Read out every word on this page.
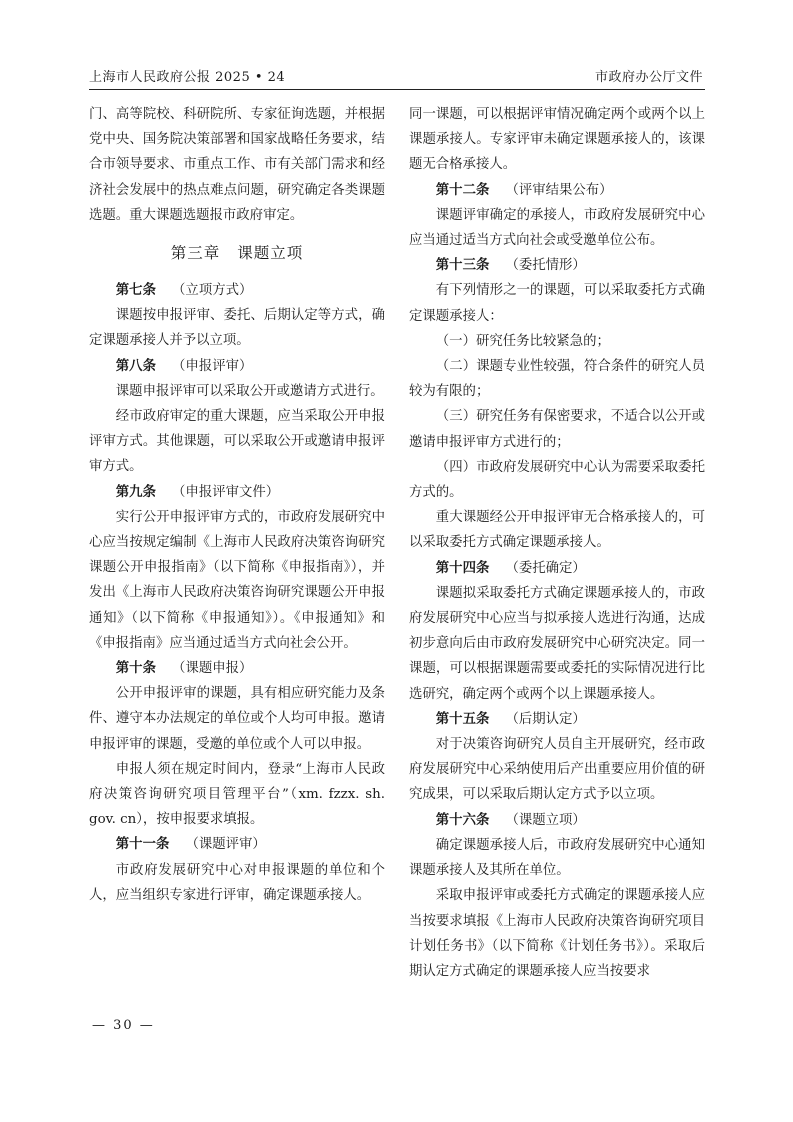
上海市人民政府公报 2025 • 24	市政府办公厅文件

门、高等院校、科研院所、专家征询选题，并根据党中央、国务院决策部署和国家战略任务要求，结合市领导要求、市重点工作、市有关部门需求和经济社会发展中的热点难点问题，研究确定各类课题选题。重大课题选题报市政府审定。

第三章 课题立项

第七条 （立项方式）

课题按申报评审、委托、后期认定等方式，确定课题承接人并予以立项。

第八条 （申报评审）

课题申报评审可以采取公开或邀请方式进行。

经市政府审定的重大课题，应当采取公开申报评审方式。其他课题，可以采取公开或邀请申报评审方式。

第九条 （申报评审文件）

实行公开申报评审方式的，市政府发展研究中心应当按规定编制《上海市人民政府决策咨询研究课题公开申报指南》（以下简称《申报指南》），并发出《上海市人民政府决策咨询研究课题公开申报通知》（以下简称《申报通知》）。《申报通知》和《申报指南》应当通过适当方式向社会公开。

第十条 （课题申报）

公开申报评审的课题，具有相应研究能力及条件、遵守本办法规定的单位或个人均可申报。邀请申报评审的课题，受邀的单位或个人可以申报。

申报人须在规定时间内，登录“上海市人民政府决策咨询研究项目管理平台”（xm. fzzx. sh. gov. cn），按申报要求填报。

第十一条 （课题评审）

市政府发展研究中心对申报课题的单位和个人，应当组织专家进行评审，确定课题承接人。

同一课题，可以根据评审情况确定两个或两个以上课题承接人。专家评审未确定课题承接人的，该课题无合格承接人。

第十二条 （评审结果公布）

课题评审确定的承接人，市政府发展研究中心应当通过适当方式向社会或受邀单位公布。

第十三条 （委托情形）

有下列情形之一的课题，可以采取委托方式确定课题承接人：

（一）研究任务比较紧急的；

（二）课题专业性较强，符合条件的研究人员较为有限的；

（三）研究任务有保密要求，不适合以公开或邀请申报评审方式进行的；

（四）市政府发展研究中心认为需要采取委托方式的。

重大课题经公开申报评审无合格承接人的，可以采取委托方式确定课题承接人。

第十四条 （委托确定）

课题拟采取委托方式确定课题承接人的，市政府发展研究中心应当与拟承接人选进行沟通，达成初步意向后由市政府发展研究中心研究决定。同一课题，可以根据课题需要或委托的实际情况进行比选研究，确定两个或两个以上课题承接人。

第十五条 （后期认定）

对于决策咨询研究人员自主开展研究，经市政府发展研究中心采纳使用后产出重要应用价值的研究成果，可以采取后期认定方式予以立项。

第十六条 （课题立项）

确定课题承接人后，市政府发展研究中心通知课题承接人及其所在单位。

采取申报评审或委托方式确定的课题承接人应当按要求填报《上海市人民政府决策咨询研究项目计划任务书》（以下简称《计划任务书》）。采取后期认定方式确定的课题承接人应当按要求

— 30 —
